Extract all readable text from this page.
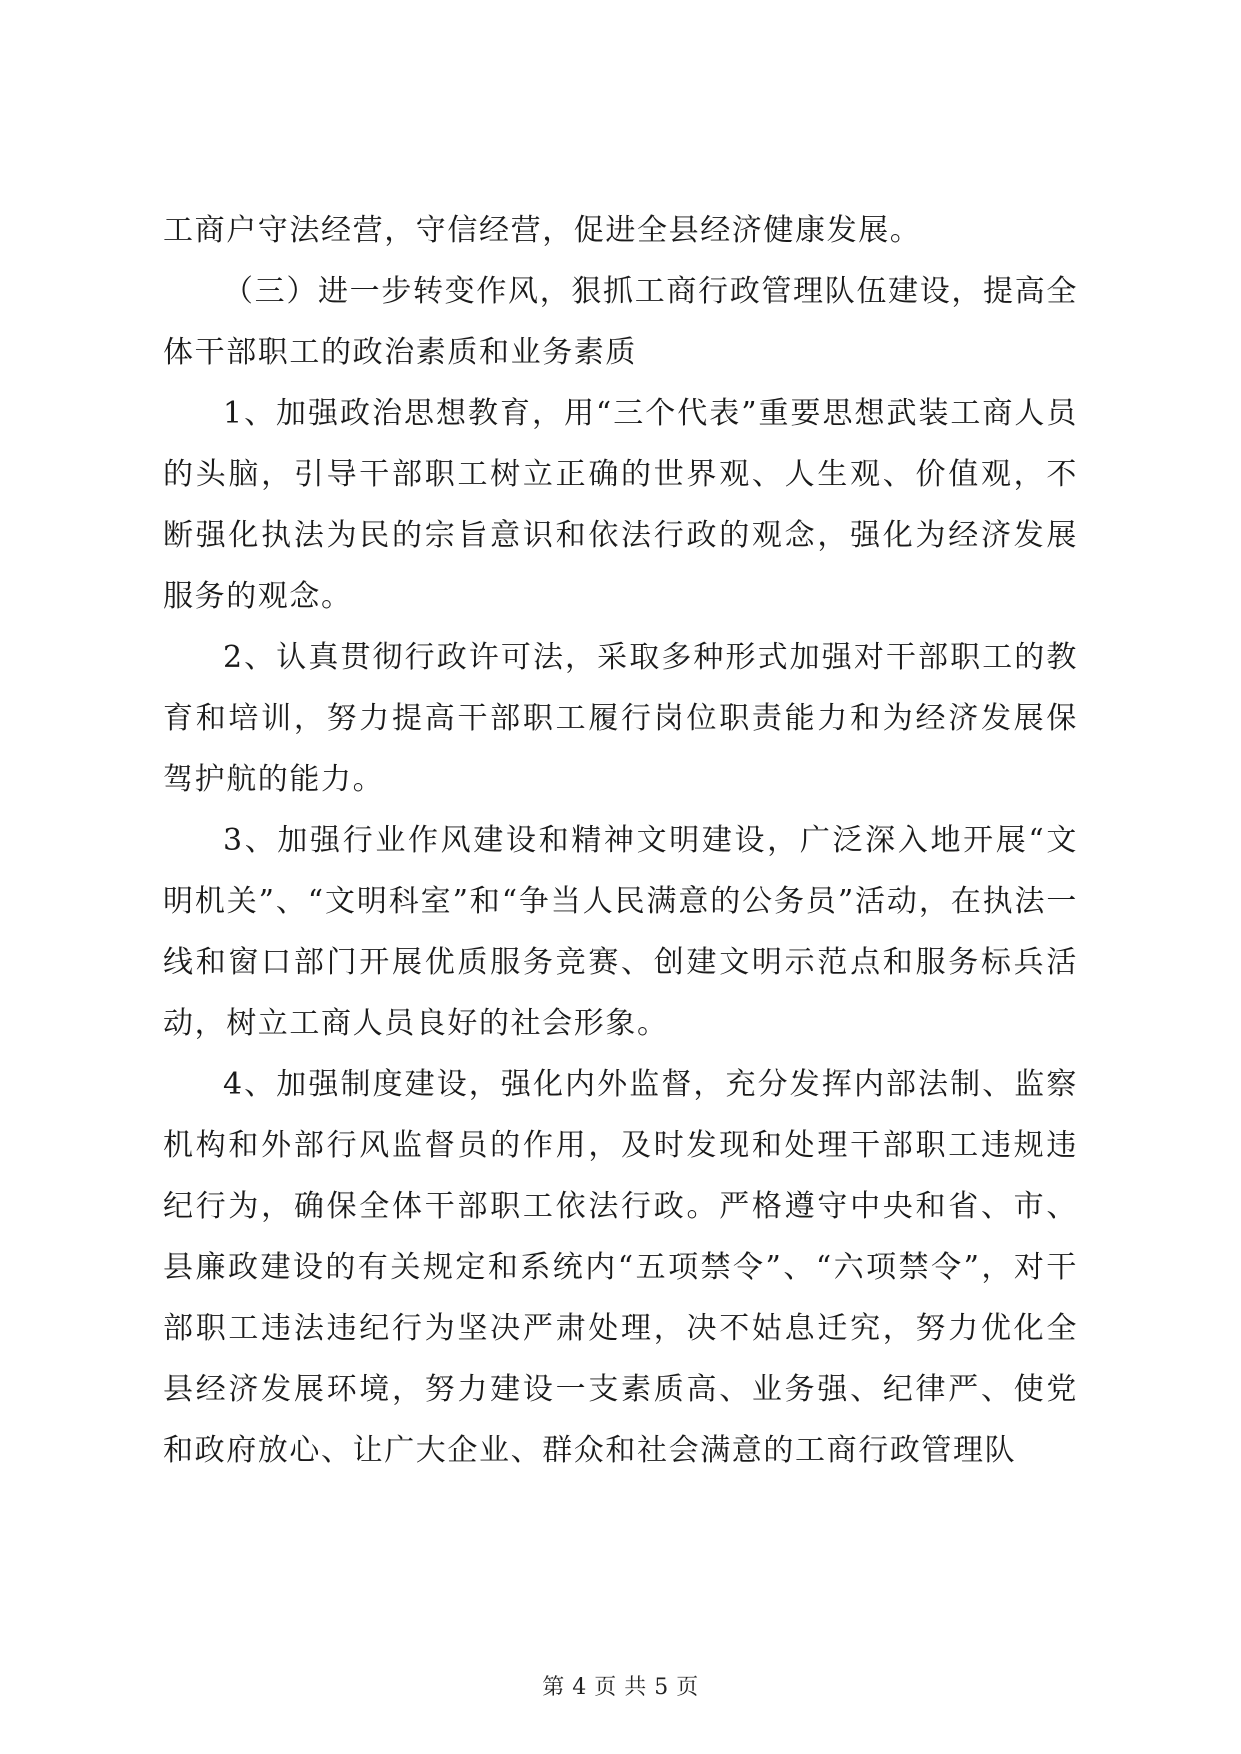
工商户守法经营，守信经营，促进全县经济健康发展。

（三）进一步转变作风，狠抓工商行政管理队伍建设，提高全体干部职工的政治素质和业务素质

1、加强政治思想教育，用“三个代表”重要思想武装工商人员的头脑，引导干部职工树立正确的世界观、人生观、价值观，不断强化执法为民的宗旨意识和依法行政的观念，强化为经济发展服务的观念。

2、认真贯彻行政许可法，采取多种形式加强对干部职工的教育和培训，努力提高干部职工履行岗位职责能力和为经济发展保驾护航的能力。

3、加强行业作风建设和精神文明建设，广泛深入地开展“文明机关”、“文明科室”和“争当人民满意的公务员”活动，在执法一线和窗口部门开展优质服务竞赛、创建文明示范点和服务标兵活动，树立工商人员良好的社会形象。

4、加强制度建设，强化内外监督，充分发挥内部法制、监察机构和外部行风监督员的作用，及时发现和处理干部职工违规违纪行为，确保全体干部职工依法行政。严格遵守中央和省、市、县廉政建设的有关规定和系统内“五项禁令”、“六项禁令”，对干部职工违法违纪行为坚决严肃处理，决不姑息迁究，努力优化全县经济发展环境，努力建设一支素质高、业务强、纪律严、使党和政府放心、让广大企业、群众和社会满意的工商行政管理队

第 4 页 共 5 页
